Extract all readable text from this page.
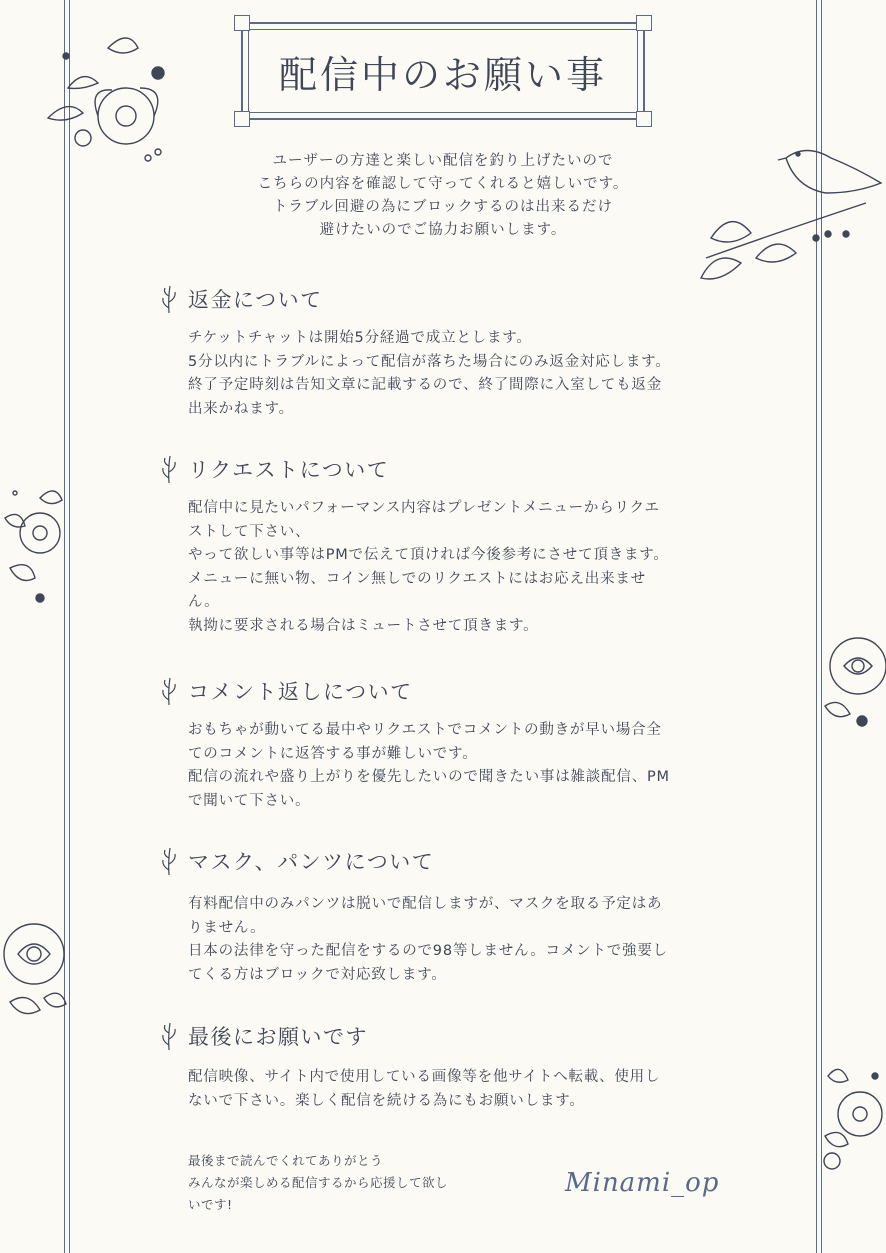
配信中のお願い事
ユーザーの方達と楽しい配信を釣り上げたいので
こちらの内容を確認して守ってくれると嬉しいです。
トラブル回避の為にブロックするのは出来るだけ
避けたいのでご協力お願いします。
返金について
チケットチャットは開始5分経過で成立とします。
5分以内にトラブルによって配信が落ちた場合にのみ返金対応します。
終了予定時刻は告知文章に記載するので、終了間際に入室しても返金
出来かねます。
リクエストについて
配信中に見たいパフォーマンス内容はプレゼントメニューからリクエ
ストして下さい、
やって欲しい事等はPMで伝えて頂ければ今後参考にさせて頂きます。
メニューに無い物、コイン無しでのリクエストにはお応え出来ませ
ん。
執拗に要求される場合はミュートさせて頂きます。
コメント返しについて
おもちゃが動いてる最中やリクエストでコメントの動きが早い場合全
てのコメントに返答する事が難しいです。
配信の流れや盛り上がりを優先したいので聞きたい事は雑談配信、PM
で聞いて下さい。
マスク、パンツについて
有料配信中のみパンツは脱いで配信しますが、マスクを取る予定はあ
りません。
日本の法律を守った配信をするので98等しません。コメントで強要し
てくる方はブロックで対応致します。
最後にお願いです
配信映像、サイト内で使用している画像等を他サイトへ転載、使用し
ないで下さい。楽しく配信を続ける為にもお願いします。
最後まで読んでくれてありがとう
みんなが楽しめる配信するから応援して欲し
いです!
Minami_op
